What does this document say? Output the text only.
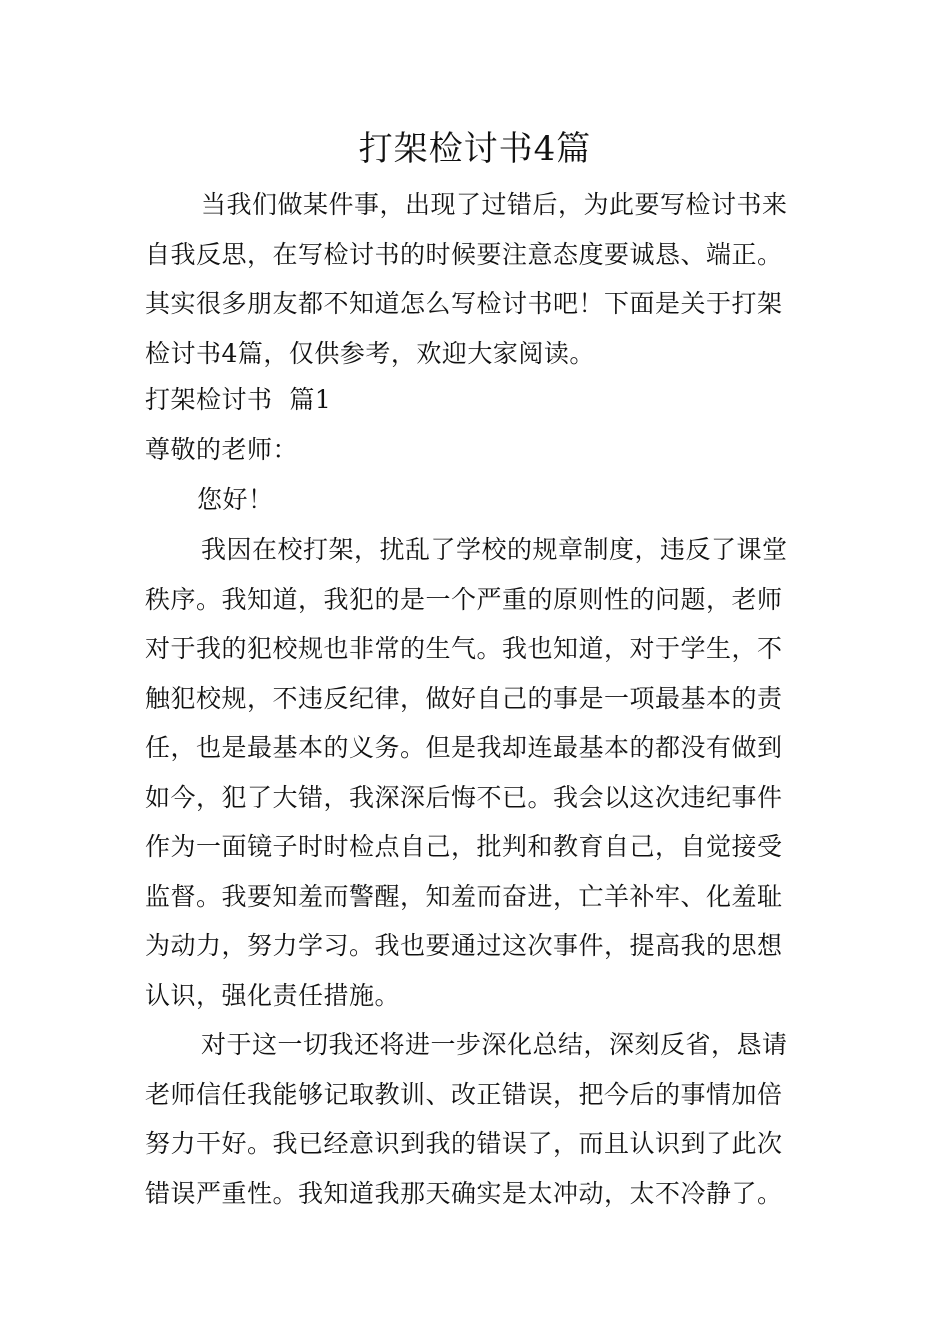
打架检讨书4篇
当我们做某件事，出现了过错后，为此要写检讨书来
自我反思，在写检讨书的时候要注意态度要诚恳、端正。
其实很多朋友都不知道怎么写检讨书吧！下面是关于打架
检讨书4篇，仅供参考，欢迎大家阅读。
打架检讨书  篇1
尊敬的老师：
您好！
我因在校打架，扰乱了学校的规章制度，违反了课堂
秩序。我知道，我犯的是一个严重的原则性的问题，老师
对于我的犯校规也非常的生气。我也知道，对于学生，不
触犯校规，不违反纪律，做好自己的事是一项最基本的责
任，也是最基本的义务。但是我却连最基本的都没有做到
如今，犯了大错，我深深后悔不已。我会以这次违纪事件
作为一面镜子时时检点自己，批判和教育自己，自觉接受
监督。我要知羞而警醒，知羞而奋进，亡羊补牢、化羞耻
为动力，努力学习。我也要通过这次事件，提高我的思想
认识，强化责任措施。
对于这一切我还将进一步深化总结，深刻反省，恳请
老师信任我能够记取教训、改正错误，把今后的事情加倍
努力干好。我已经意识到我的错误了，而且认识到了此次
错误严重性。我知道我那天确实是太冲动，太不冷静了。
